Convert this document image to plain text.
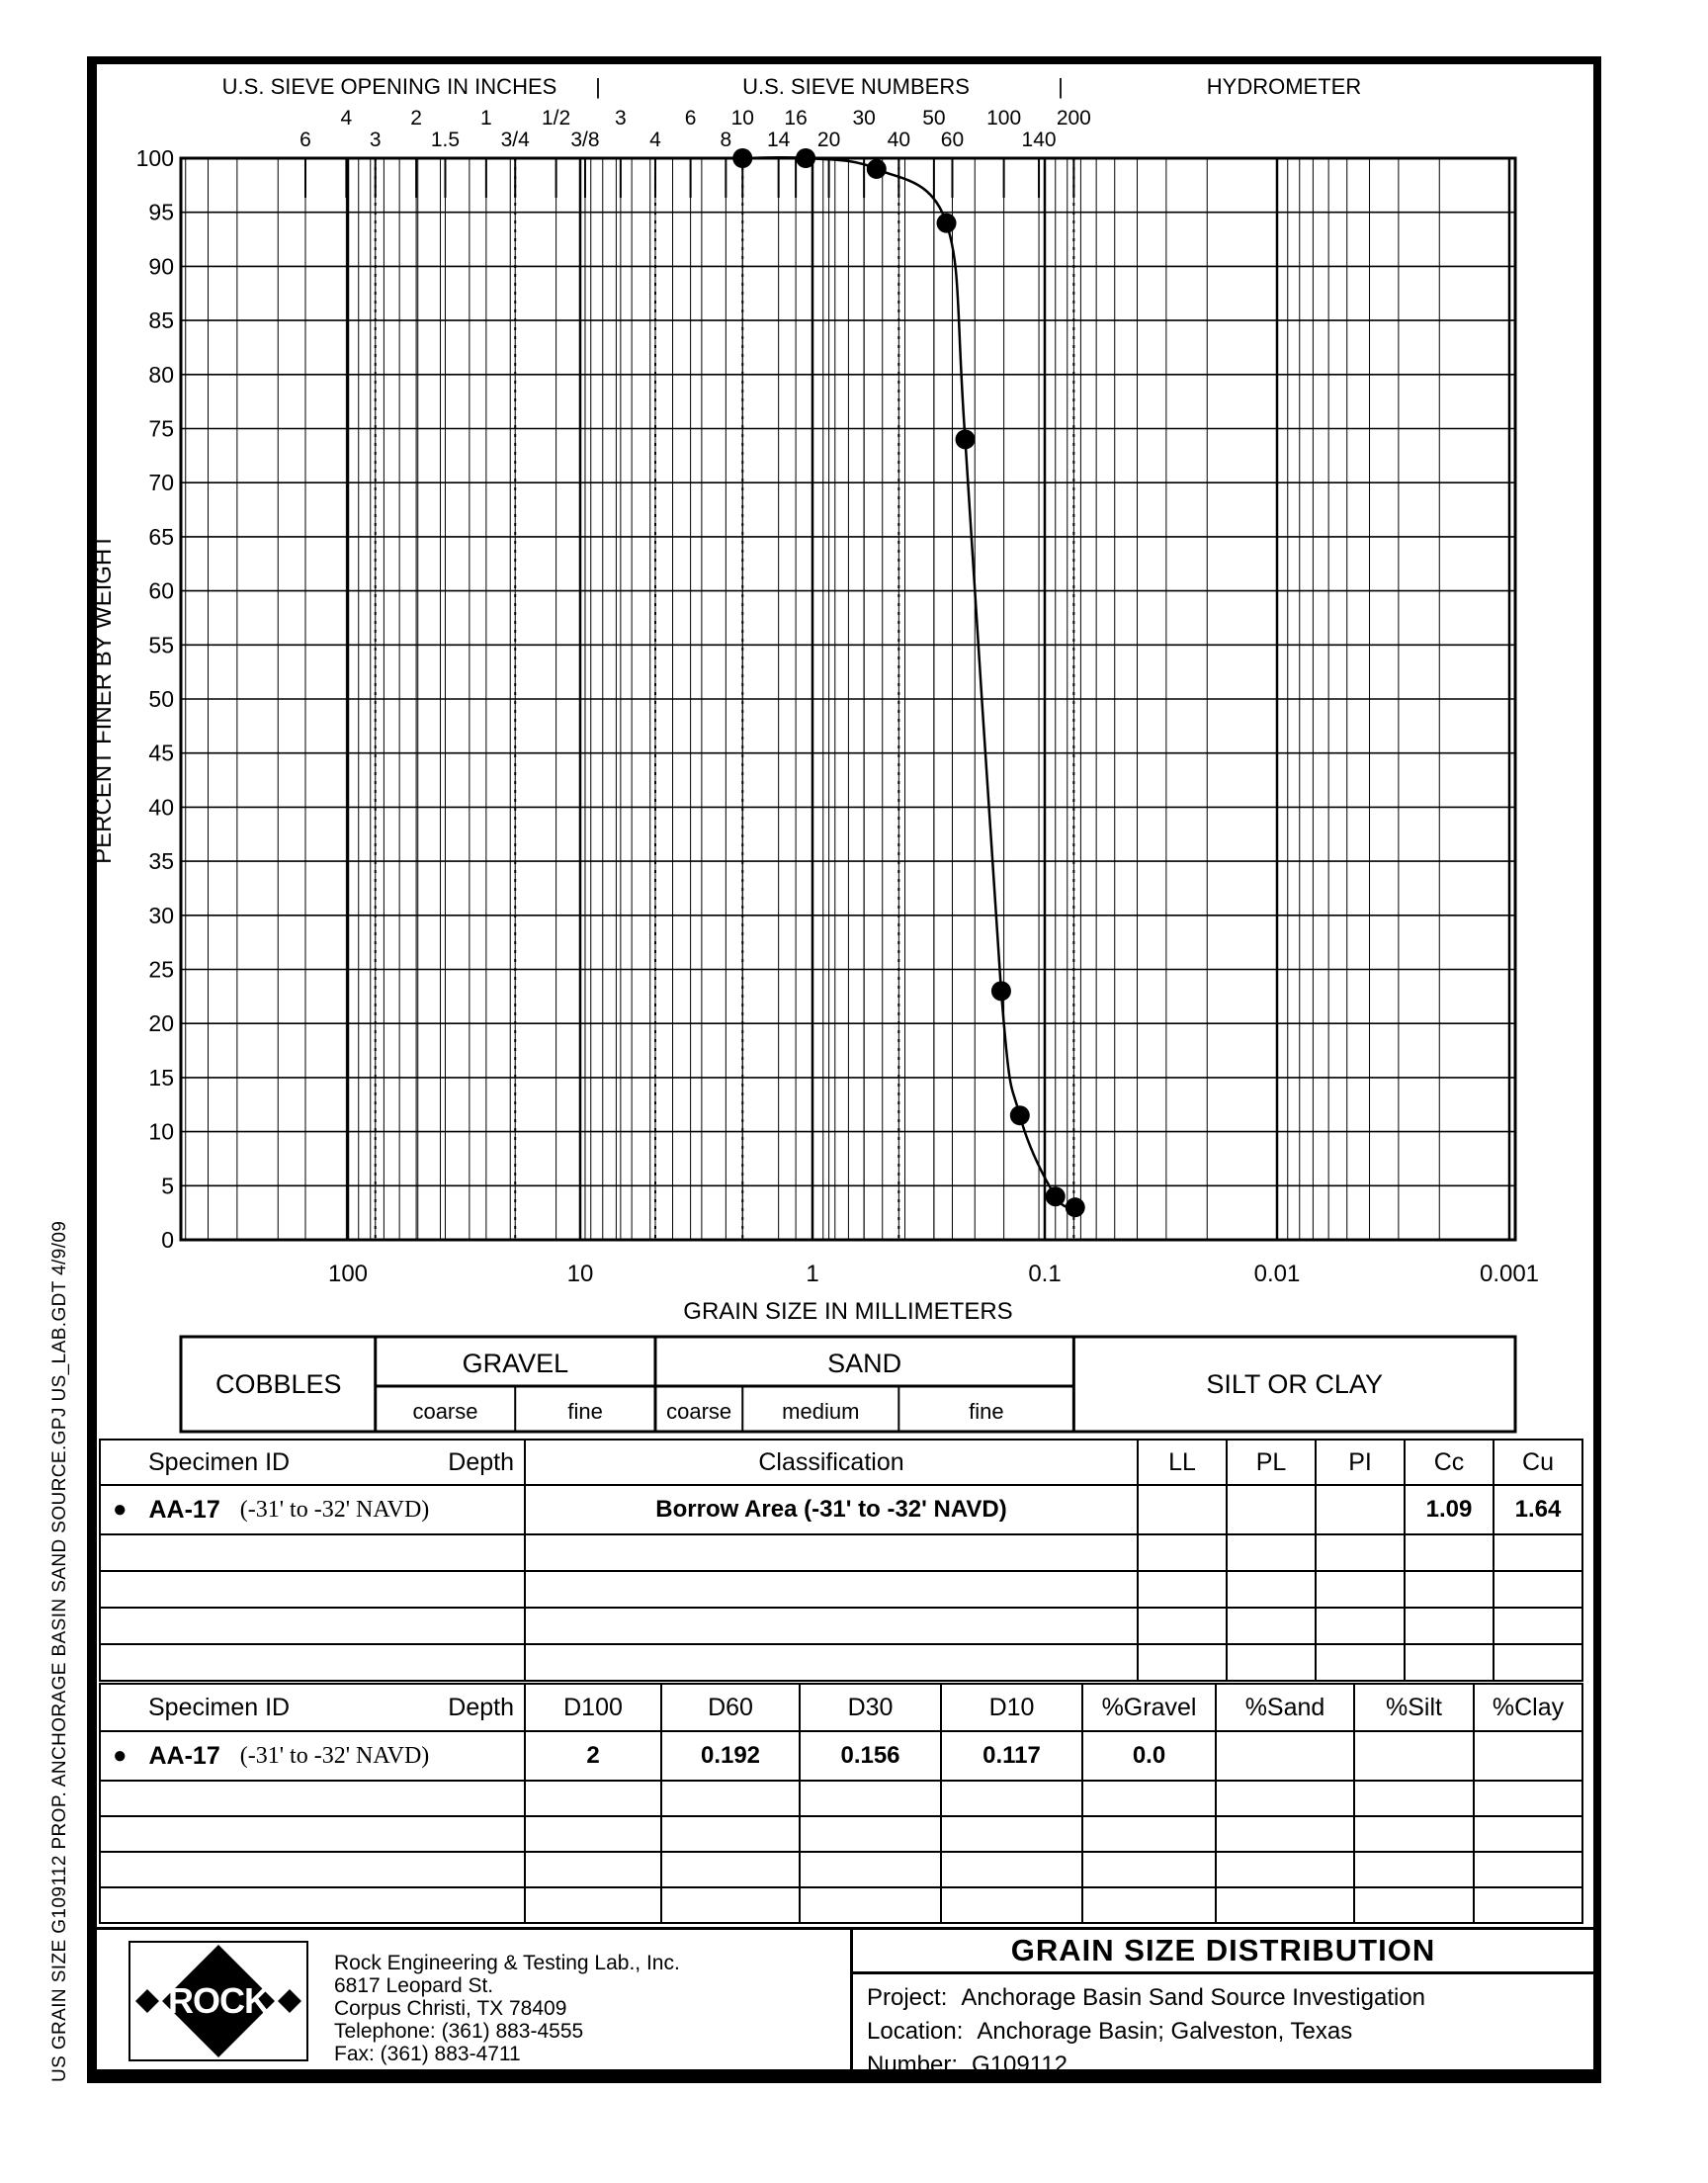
US GRAIN SIZE G109112 PROP. ANCHORAGE BASIN SAND SOURCE.GPJ US_LAB.GDT 4/9/09
6
4
3
2
1.5
1
3/4
1/2
3/8
3
4
6
8
10
14
16
20
30
40
50
60
100
140
200
U.S. SIEVE OPENING IN INCHES |	U.S. SIEVE NUMBERS	|	HYDROMETER
0
5
10
15
20
25
30
35
40
45
50
55
60
65
70
75
80
85
90
95
100
PERCENT FINER BY WEIGHT
100	10	1	0.1	0.01	0.001
GRAIN SIZE IN MILLIMETERS
COBBLES
GRAVEL
coarse	fine
SAND
coarse medium	fine
SILT OR CLAY
Specimen ID Depth	Classification	LL	PL	PI	Cc	Cu

● AA-17 (-31' to -32' NAVD)	Borrow Area (-31' to -32' NAVD)				1.09	1.64

Specimen ID Depth	D100	D60	D30	D10	%Gravel	%Sand	%Silt	%Clay

● AA-17 (-31' to -32' NAVD)	2	0.192	0.156	0.117	0.0			

ROCK
Rock Engineering & Testing Lab., Inc.
6817 Leopard St.
Corpus Christi, TX 78409
Telephone: (361) 883-4555
Fax: (361) 883-4711
GRAIN SIZE DISTRIBUTION
Project: Anchorage Basin Sand Source Investigation
Location: Anchorage Basin; Galveston, Texas
Number: G109112
